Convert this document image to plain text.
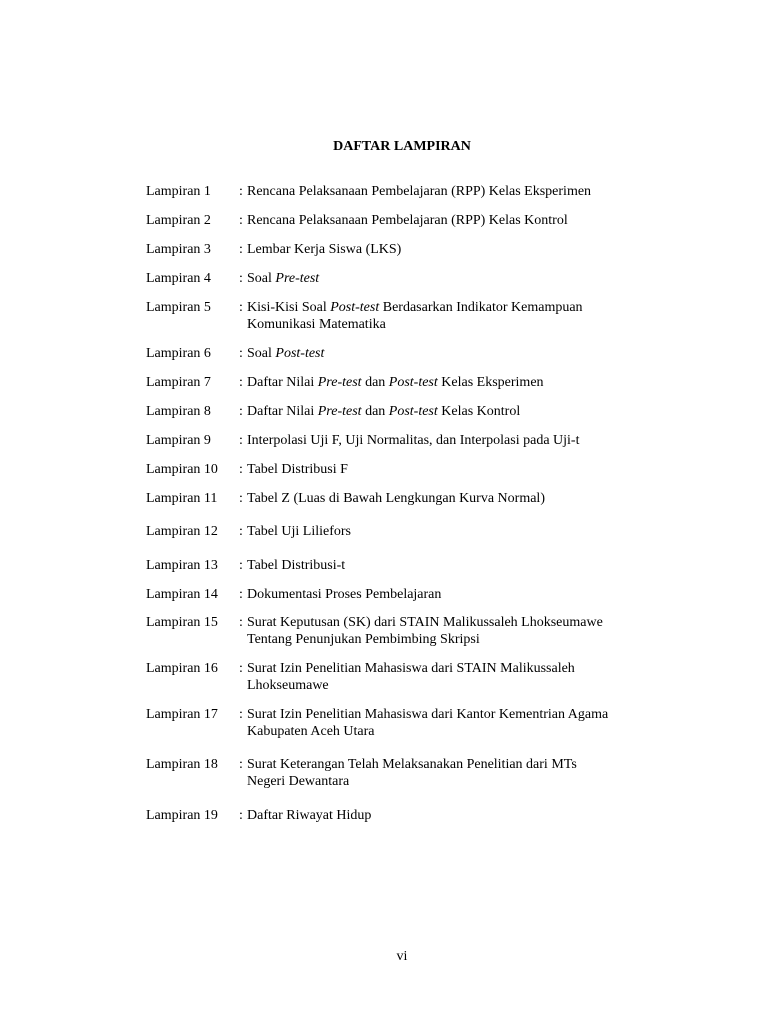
DAFTAR LAMPIRAN
Lampiran 1 : Rencana Pelaksanaan Pembelajaran (RPP) Kelas Eksperimen
Lampiran 2 : Rencana Pelaksanaan Pembelajaran (RPP) Kelas Kontrol
Lampiran 3 : Lembar Kerja Siswa (LKS)
Lampiran 4 : Soal Pre-test
Lampiran 5 : Kisi-Kisi Soal Post-test Berdasarkan Indikator Kemampuan
Komunikasi Matematika
Lampiran 6 : Soal Post-test
Lampiran 7 : Daftar Nilai Pre-test dan Post-test Kelas Eksperimen
Lampiran 8 : Daftar Nilai Pre-test dan Post-test Kelas Kontrol
Lampiran 9 : Interpolasi Uji F, Uji Normalitas, dan Interpolasi pada Uji-t
Lampiran 10 : Tabel Distribusi F
Lampiran 11 : Tabel Z (Luas di Bawah Lengkungan Kurva Normal)
Lampiran 12 : Tabel Uji Liliefors
Lampiran 13 : Tabel Distribusi-t
Lampiran 14 : Dokumentasi Proses Pembelajaran
Lampiran 15 : Surat Keputusan (SK) dari STAIN Malikussaleh Lhokseumawe
Tentang Penunjukan Pembimbing Skripsi
Lampiran 16 : Surat Izin Penelitian Mahasiswa dari STAIN Malikussaleh
Lhokseumawe
Lampiran 17 : Surat Izin Penelitian Mahasiswa dari Kantor Kementrian Agama
Kabupaten Aceh Utara
Lampiran 18 : Surat Keterangan Telah Melaksanakan Penelitian dari MTs
Negeri Dewantara
Lampiran 19 : Daftar Riwayat Hidup
vi
